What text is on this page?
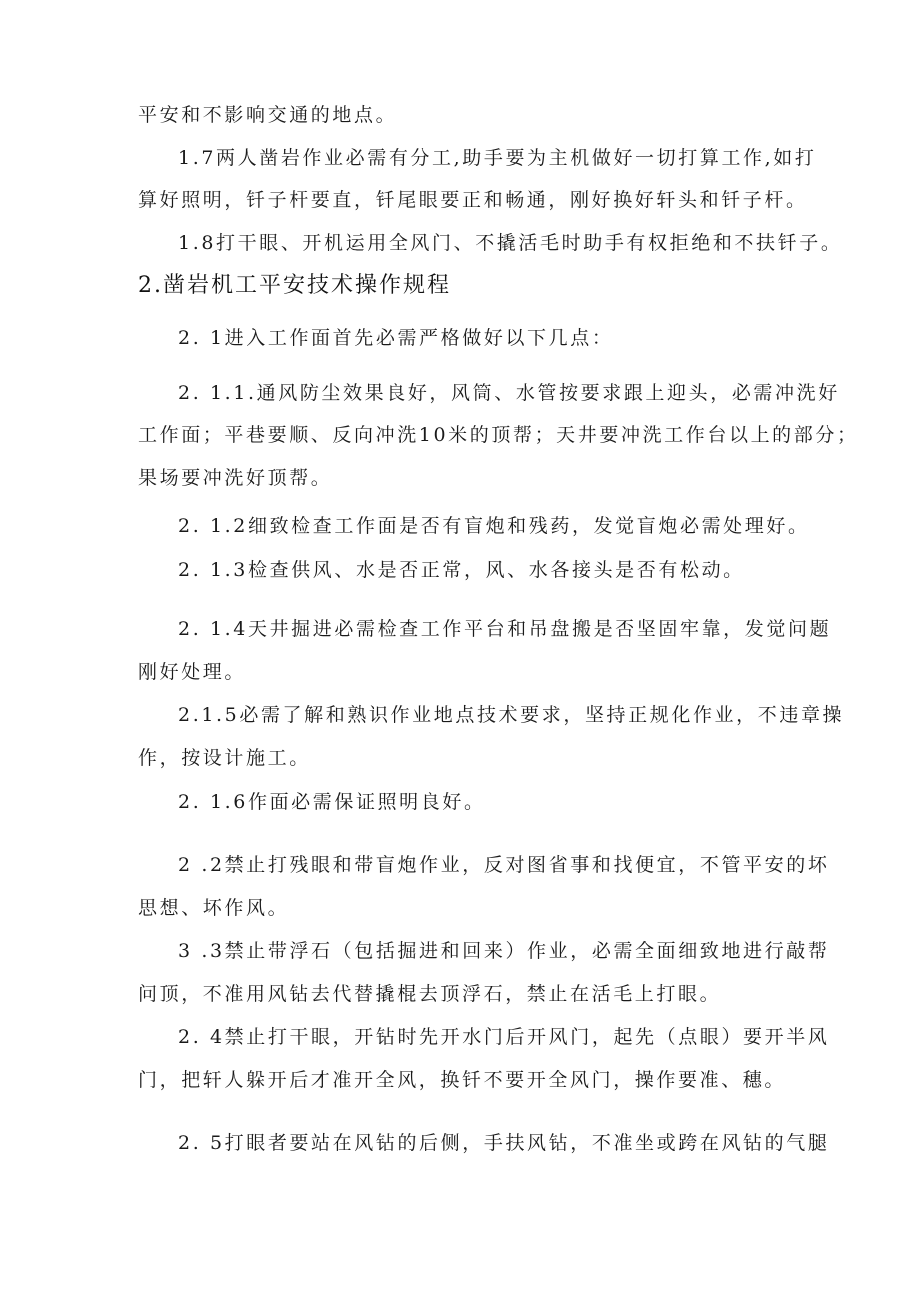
平安和不影响交通的地点。
1.7两人凿岩作业必需有分工,助手要为主机做好一切打算工作,如打
算好照明，钎子杆要直，钎尾眼要正和畅通，刚好换好轩头和钎子杆。
1.8打干眼、开机运用全风门、不撬活毛时助手有权拒绝和不扶钎子。
2.凿岩机工平安技术操作规程
2. 1进入工作面首先必需严格做好以下几点：
2. 1.1.通风防尘效果良好，风筒、水管按要求跟上迎头，必需冲洗好
工作面；平巷要顺、反向冲洗10米的顶帮；天井要冲洗工作台以上的部分；
果场要冲洗好顶帮。
2. 1.2细致检查工作面是否有盲炮和残药，发觉盲炮必需处理好。
2. 1.3检查供风、水是否正常，风、水各接头是否有松动。
2. 1.4天井掘进必需检查工作平台和吊盘搬是否坚固牢靠，发觉问题
刚好处理。
2.1.5必需了解和熟识作业地点技术要求，坚持正规化作业，不违章操
作，按设计施工。
2. 1.6作面必需保证照明良好。
2 .2禁止打残眼和带盲炮作业，反对图省事和找便宜，不管平安的坏
思想、坏作风。
3 .3禁止带浮石（包括掘进和回来）作业，必需全面细致地进行敲帮
问顶，不准用风钻去代替撬棍去顶浮石，禁止在活毛上打眼。
2. 4禁止打干眼，开钻时先开水门后开风门，起先（点眼）要开半风
门，把轩人躲开后才准开全风，换钎不要开全风门，操作要准、穗。
2. 5打眼者要站在风钻的后侧，手扶风钻，不准坐或跨在风钻的气腿
